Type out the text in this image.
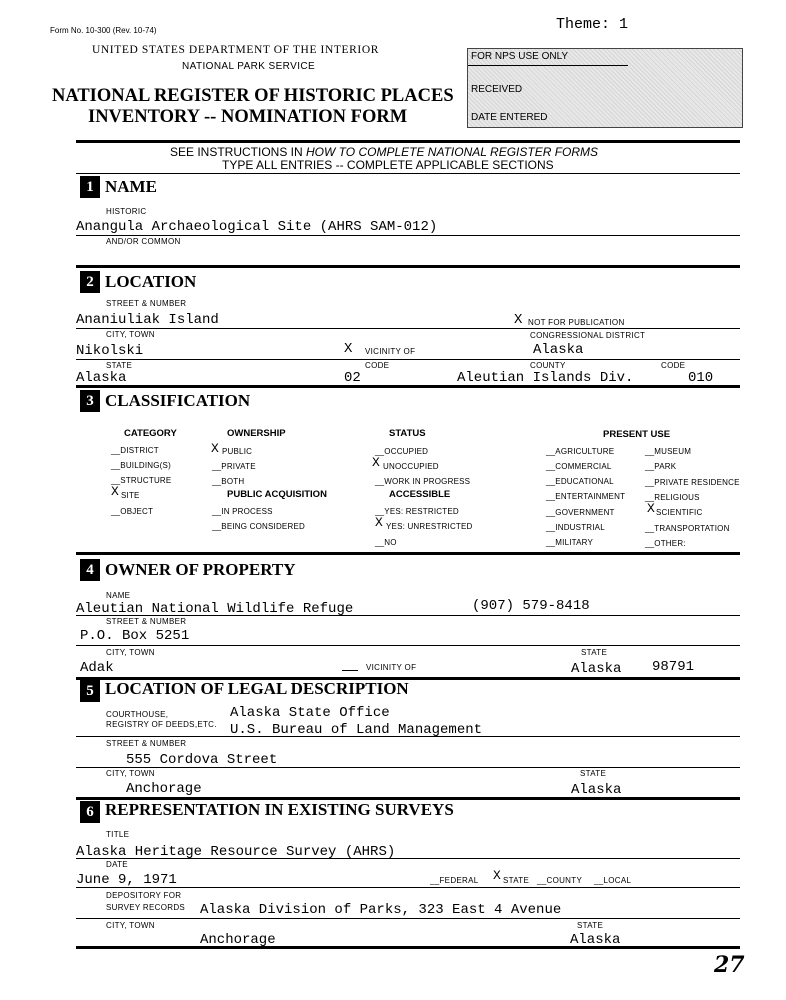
Form No. 10-300 (Rev. 10-74)	Theme: 1
UNITED STATES DEPARTMENT OF THE INTERIOR
NATIONAL PARK SERVICE
NATIONAL REGISTER OF HISTORIC PLACES
INVENTORY -- NOMINATION FORM
FOR NPS USE ONLY
RECEIVED
DATE ENTERED
SEE INSTRUCTIONS IN HOW TO COMPLETE NATIONAL REGISTER FORMS
TYPE ALL ENTRIES -- COMPLETE APPLICABLE SECTIONS
1 NAME
HISTORIC
Anangula Archaeological Site (AHRS SAM-012)
AND/OR COMMON
2 LOCATION
STREET & NUMBER
Ananiuliak Island	X NOT FOR PUBLICATION
CITY, TOWN	CONGRESSIONAL DISTRICT
Nikolski	X VICINITY OF	Alaska
STATE	CODE	COUNTY	CODE
Alaska	02	Aleutian Islands Div.	010
3 CLASSIFICATION
CATEGORY
__DISTRICT
__BUILDING(S)
__STRUCTURE
X SITE
__OBJECT
OWNERSHIP
X PUBLIC
__PRIVATE
__BOTH
PUBLIC ACQUISITION
__IN PROCESS
__BEING CONSIDERED
STATUS
__OCCUPIED
X UNOCCUPIED
__WORK IN PROGRESS
ACCESSIBLE
__YES: RESTRICTED
X YES: UNRESTRICTED
__NO
PRESENT USE
__AGRICULTURE
__COMMERCIAL
__EDUCATIONAL
__ENTERTAINMENT
__GOVERNMENT
__INDUSTRIAL
__MILITARY
__MUSEUM
__PARK
__PRIVATE RESIDENCE
__RELIGIOUS
X SCIENTIFIC
__TRANSPORTATION
__OTHER:
4 OWNER OF PROPERTY
NAME
Aleutian National Wildlife Refuge	(907) 579-8418
STREET & NUMBER
P.O. Box 5251
CITY, TOWN	STATE
Adak	VICINITY OF	Alaska 98791
5 LOCATION OF LEGAL DESCRIPTION
COURTHOUSE,
REGISTRY OF DEEDS,ETC.
Alaska State Office
U.S. Bureau of Land Management
STREET & NUMBER
555 Cordova Street
CITY, TOWN	STATE
Anchorage	Alaska
6 REPRESENTATION IN EXISTING SURVEYS
TITLE
Alaska Heritage Resource Survey (AHRS)
DATE
June 9, 1971	__FEDERAL X STATE __COUNTY __LOCAL
DEPOSITORY FOR
SURVEY RECORDS Alaska Division of Parks, 323 East 4 Avenue
CITY, TOWN	STATE
Anchorage	Alaska
27
